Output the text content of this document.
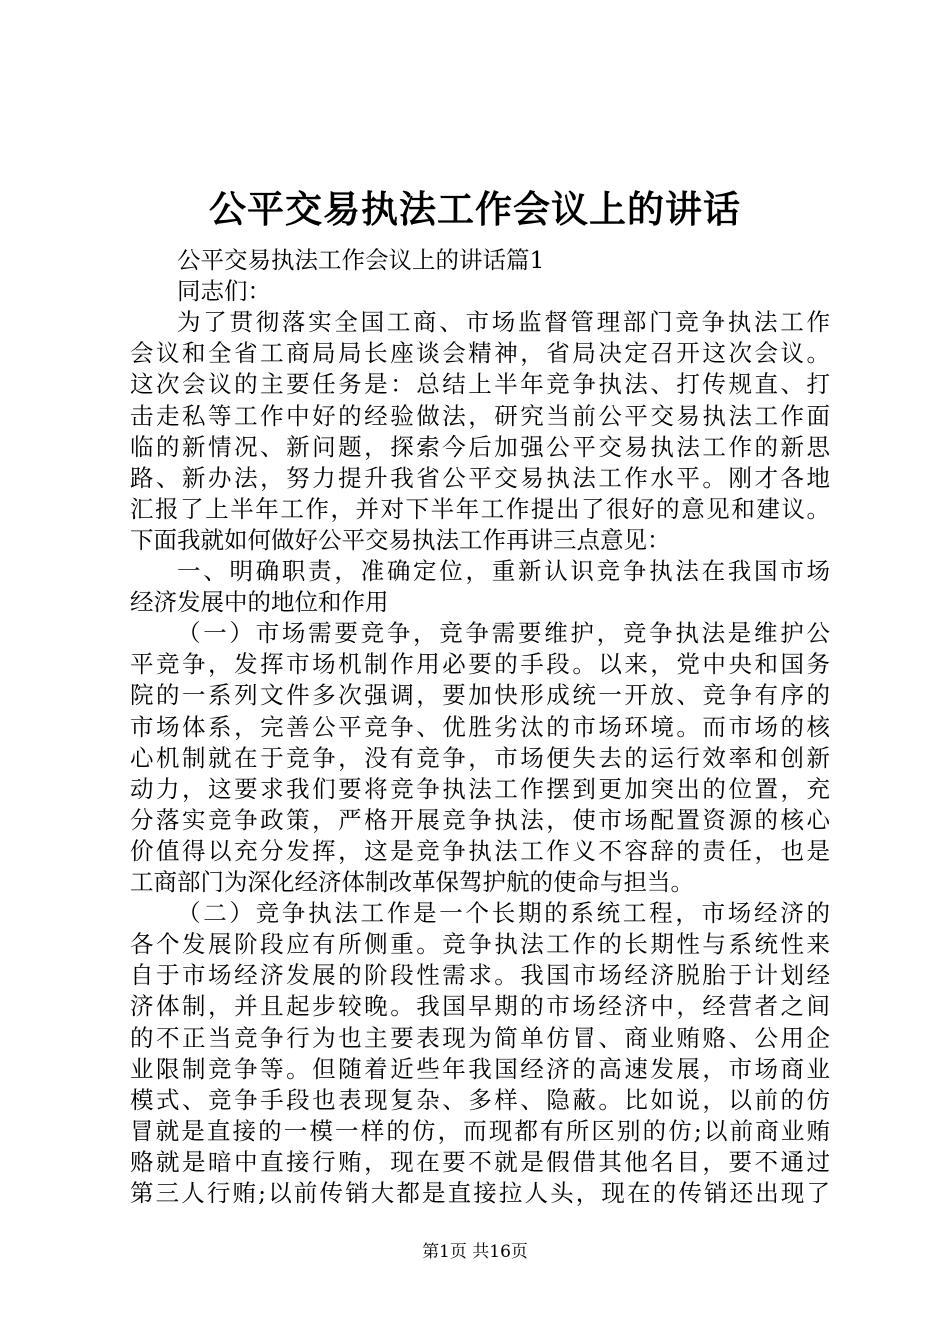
公平交易执法工作会议上的讲话
公平交易执法工作会议上的讲话篇1
同志们：
为了贯彻落实全国工商、市场监督管理部门竞争执法工作
会议和全省工商局局长座谈会精神，省局决定召开这次会议。
这次会议的主要任务是：总结上半年竞争执法、打传规直、打
击走私等工作中好的经验做法，研究当前公平交易执法工作面
临的新情况、新问题，探索今后加强公平交易执法工作的新思
路、新办法，努力提升我省公平交易执法工作水平。刚才各地
汇报了上半年工作，并对下半年工作提出了很好的意见和建议。
下面我就如何做好公平交易执法工作再讲三点意见：
一、明确职责，准确定位，重新认识竞争执法在我国市场
经济发展中的地位和作用
（一）市场需要竞争，竞争需要维护，竞争执法是维护公
平竞争，发挥市场机制作用必要的手段。以来，党中央和国务
院的一系列文件多次强调，要加快形成统一开放、竞争有序的
市场体系，完善公平竞争、优胜劣汰的市场环境。而市场的核
心机制就在于竞争，没有竞争，市场便失去的运行效率和创新
动力，这要求我们要将竞争执法工作摆到更加突出的位置，充
分落实竞争政策，严格开展竞争执法，使市场配置资源的核心
价值得以充分发挥，这是竞争执法工作义不容辞的责任，也是
工商部门为深化经济体制改革保驾护航的使命与担当。
（二）竞争执法工作是一个长期的系统工程，市场经济的
各个发展阶段应有所侧重。竞争执法工作的长期性与系统性来
自于市场经济发展的阶段性需求。我国市场经济脱胎于计划经
济体制，并且起步较晚。我国早期的市场经济中，经营者之间
的不正当竞争行为也主要表现为简单仿冒、商业贿赂、公用企
业限制竞争等。但随着近些年我国经济的高速发展，市场商业
模式、竞争手段也表现复杂、多样、隐蔽。比如说，以前的仿
冒就是直接的一模一样的仿，而现都有所区别的仿;以前商业贿
赂就是暗中直接行贿，现在要不就是假借其他名目，要不通过
第三人行贿;以前传销大都是直接拉人头，现在的传销还出现了
第1页 共16页
